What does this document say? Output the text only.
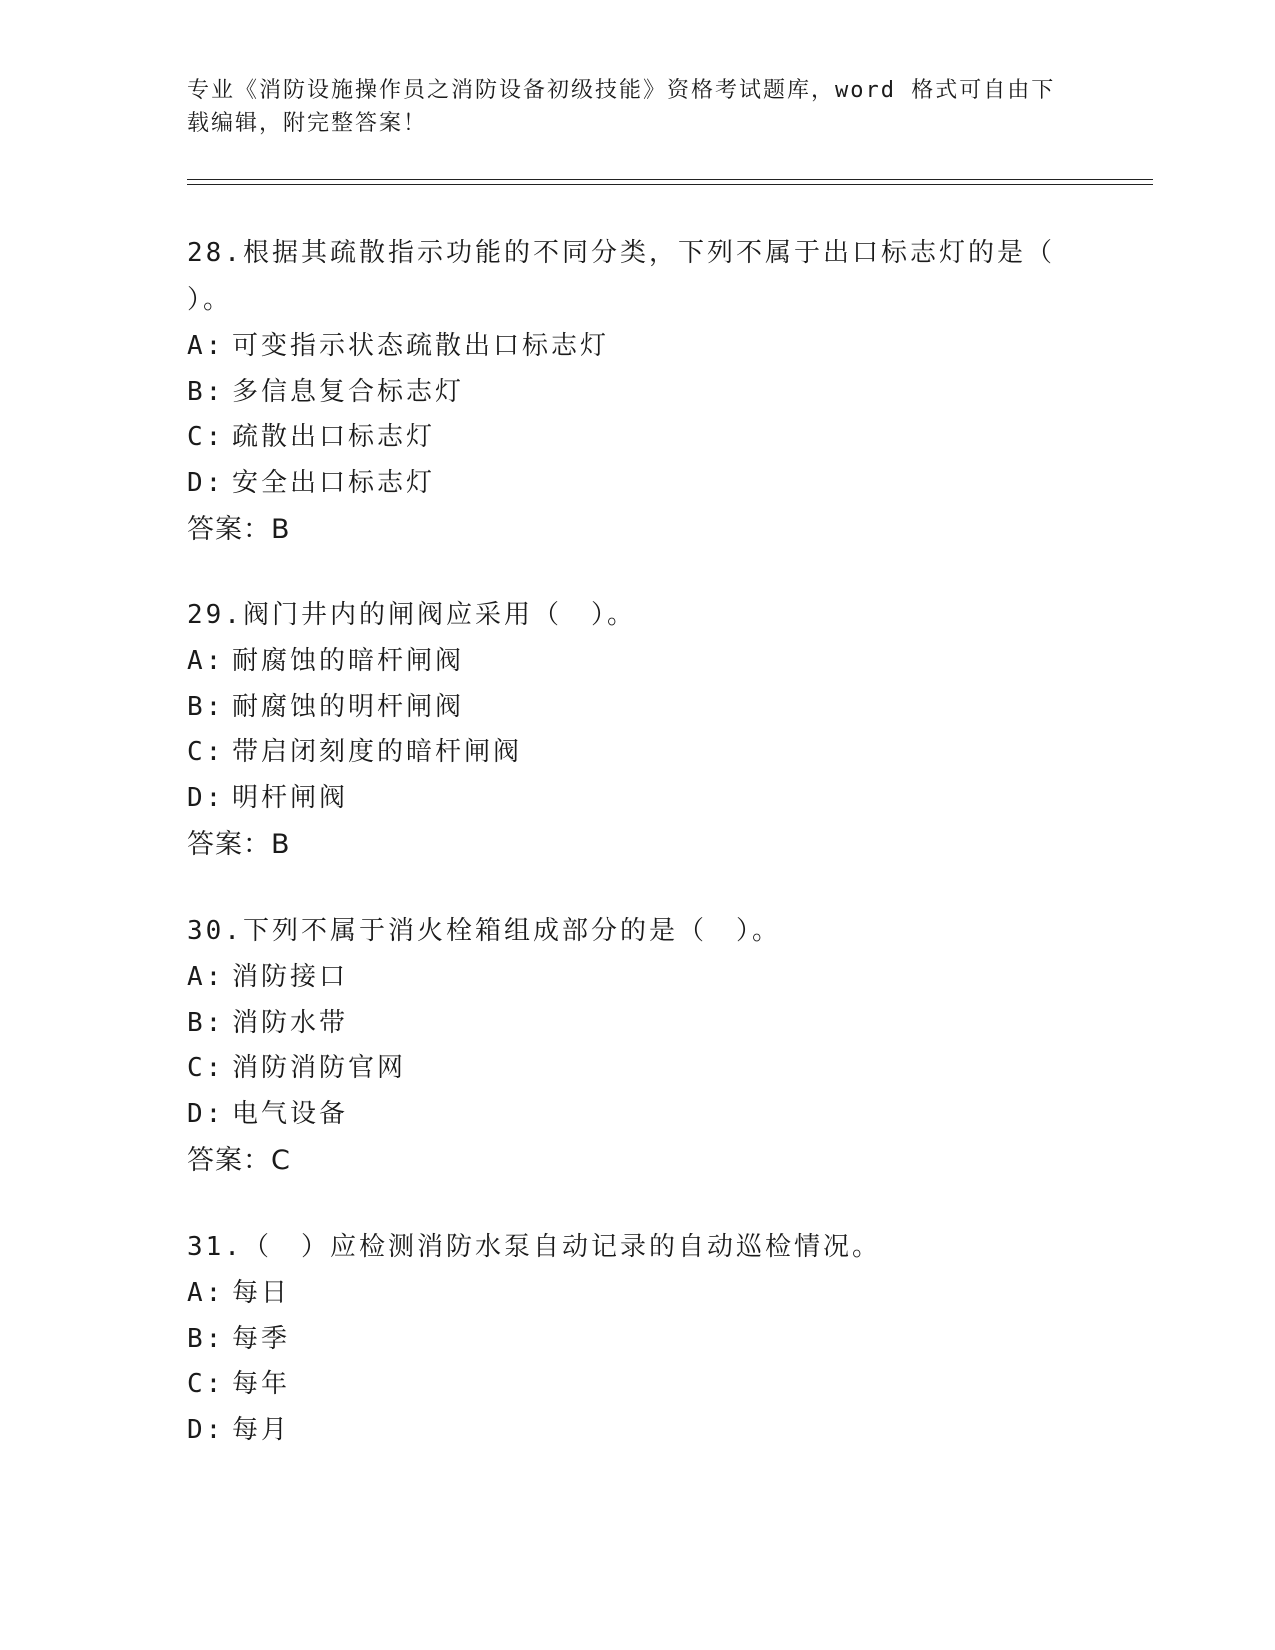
专业《消防设施操作员之消防设备初级技能》资格考试题库，word 格式可自由下
载编辑，附完整答案！

28.根据其疏散指示功能的不同分类，下列不属于出口标志灯的是（

）。

A: 可变指示状态疏散出口标志灯

B: 多信息复合标志灯

C: 疏散出口标志灯

D: 安全出口标志灯

答案：B

29.阀门井内的闸阀应采用（　）。

A: 耐腐蚀的暗杆闸阀

B: 耐腐蚀的明杆闸阀

C: 带启闭刻度的暗杆闸阀

D: 明杆闸阀

答案：B

30.下列不属于消火栓箱组成部分的是（　）。

A: 消防接口

B: 消防水带

C: 消防消防官网

D: 电气设备

答案：C

31.（　）应检测消防水泵自动记录的自动巡检情况。

A: 每日

B: 每季

C: 每年

D: 每月
